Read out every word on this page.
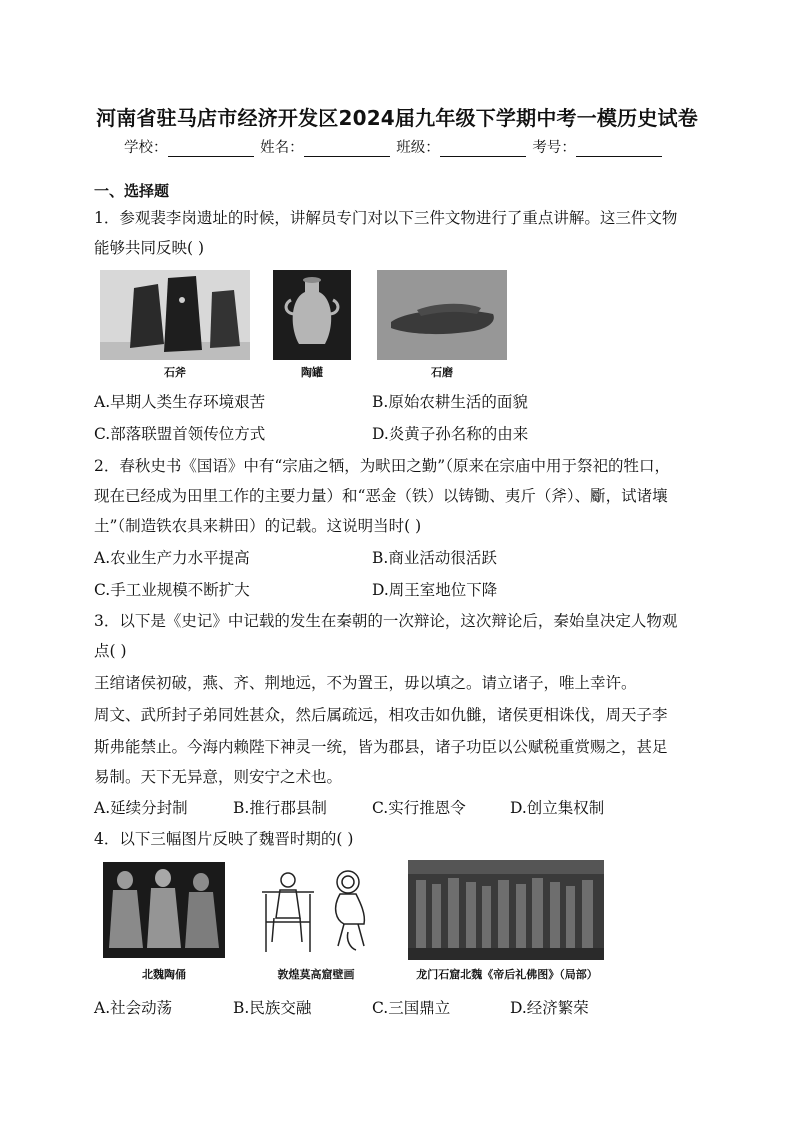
河南省驻马店市经济开发区2024届九年级下学期中考一模历史试卷
学校：	姓名：	班级：	考号：
一、选择题
1．参观裴李岗遗址的时候，讲解员专门对以下三件文物进行了重点讲解。这三件文物
能够共同反映( )
石斧	陶罐	石磨
A.早期人类生存环境艰苦	B.原始农耕生活的面貌
C.部落联盟首领传位方式	D.炎黄子孙名称的由来
2．春秋史书《国语》中有“宗庙之牺，为畎田之勤”（原来在宗庙中用于祭祀的牲口，
现在已经成为田里工作的主要力量）和“恶金（铁）以铸锄、夷斤（斧）、斸，试诸壤
土”（制造铁农具来耕田）的记载。这说明当时( )
A.农业生产力水平提高	B.商业活动很活跃
C.手工业规模不断扩大	D.周王室地位下降
3．以下是《史记》中记载的发生在秦朝的一次辩论，这次辩论后，秦始皇决定人物观
点( )
王绾诸侯初破，燕、齐、荆地远，不为置王，毋以填之。请立诸子，唯上幸许。
周文、武所封子弟同姓甚众，然后属疏远，相攻击如仇雠，诸侯更相诛伐，周天子李
斯弗能禁止。今海内赖陛下神灵一统，皆为郡县，诸子功臣以公赋税重赏赐之，甚足
易制。天下无异意，则安宁之术也。
A.延续分封制	B.推行郡县制	C.实行推恩令	D.创立集权制
4．以下三幅图片反映了魏晋时期的( )
北魏陶俑	敦煌莫高窟壁画	龙门石窟北魏《帝后礼佛图》（局部）
A.社会动荡	B.民族交融	C.三国鼎立	D.经济繁荣
